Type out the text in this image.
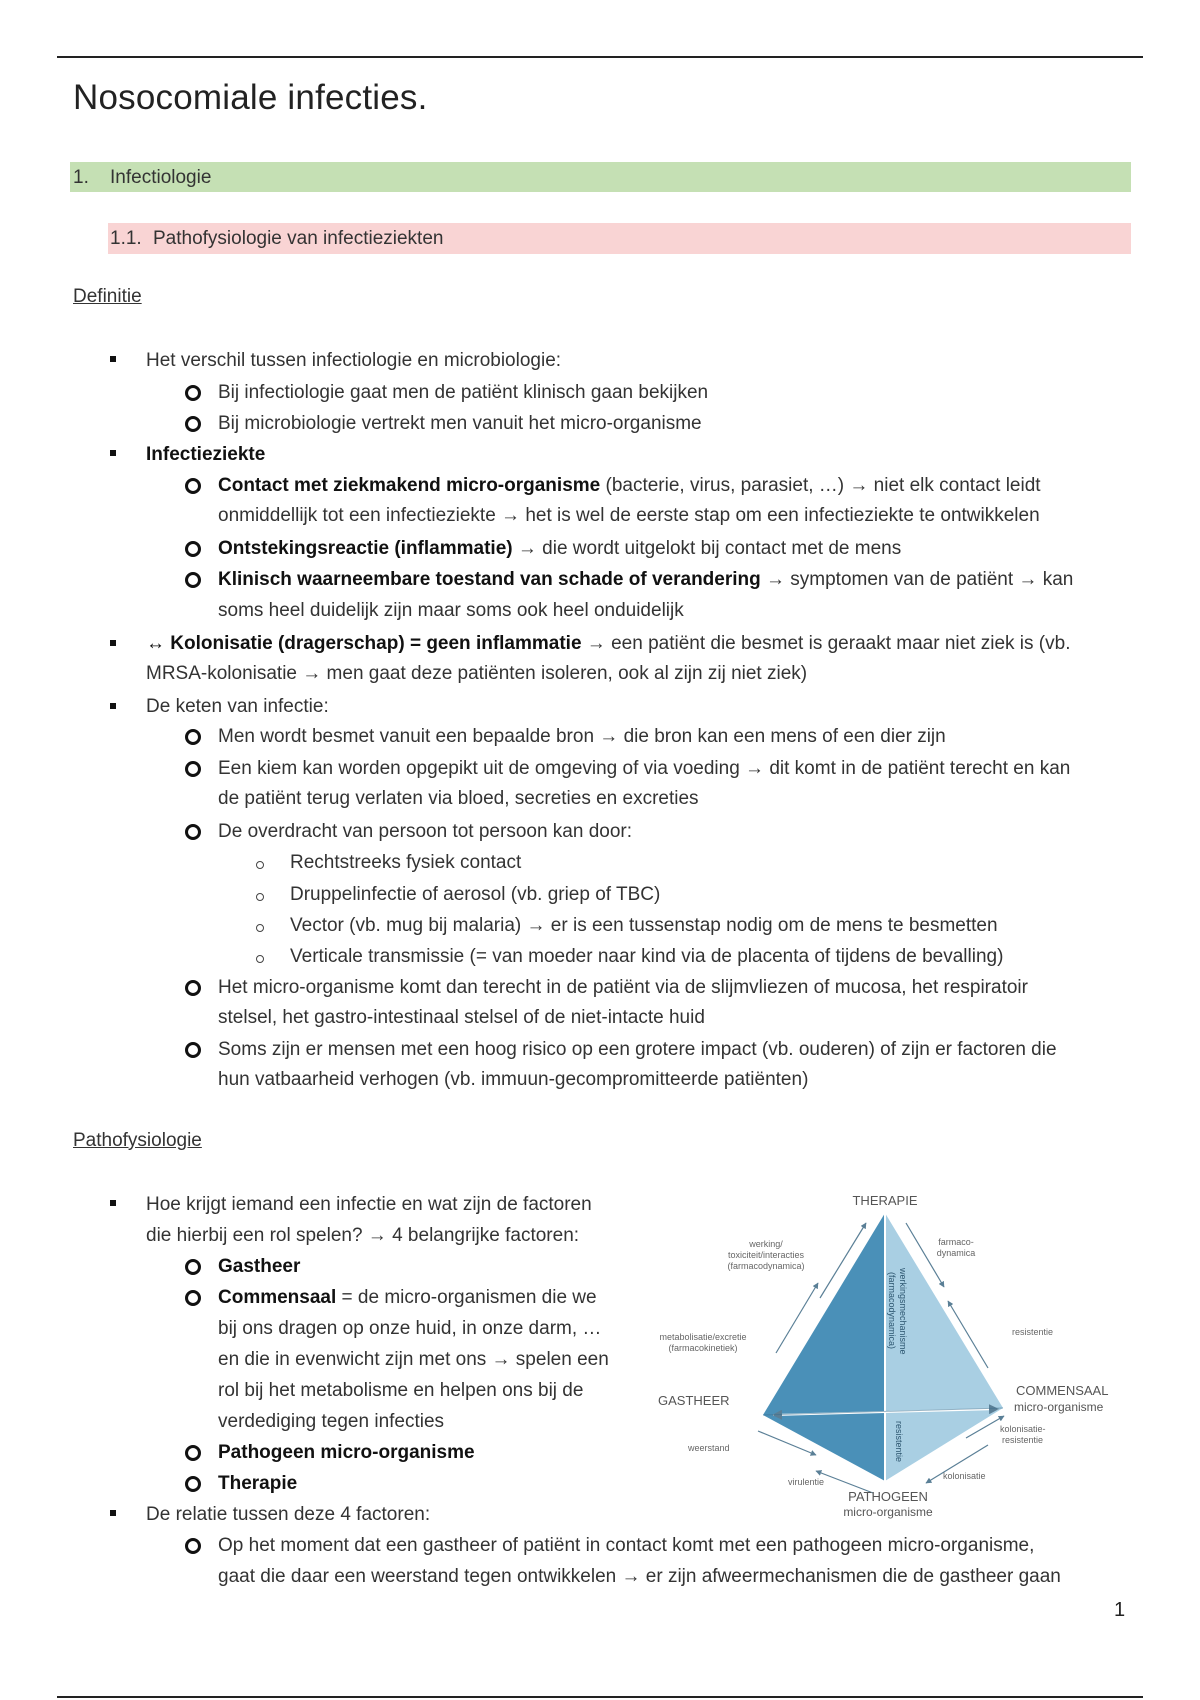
Nosocomiale infecties.
1. Infectiologie
1.1. Pathofysiologie van infectieziekten
Definitie
Het verschil tussen infectiologie en microbiologie:
Bij infectiologie gaat men de patiënt klinisch gaan bekijken
Bij microbiologie vertrekt men vanuit het micro-organisme
Infectieziekte
Contact met ziekmakend micro-organisme (bacterie, virus, parasiet, …) → niet elk contact leidt
onmiddellijk tot een infectieziekte → het is wel de eerste stap om een infectieziekte te ontwikkelen
Ontstekingsreactie (inflammatie) → die wordt uitgelokt bij contact met de mens
Klinisch waarneembare toestand van schade of verandering → symptomen van de patiënt → kan
soms heel duidelijk zijn maar soms ook heel onduidelijk
↔ Kolonisatie (dragerschap) = geen inflammatie → een patiënt die besmet is geraakt maar niet ziek is (vb.
MRSA-kolonisatie → men gaat deze patiënten isoleren, ook al zijn zij niet ziek)
De keten van infectie:
Men wordt besmet vanuit een bepaalde bron → die bron kan een mens of een dier zijn
Een kiem kan worden opgepikt uit de omgeving of via voeding → dit komt in de patiënt terecht en kan
de patiënt terug verlaten via bloed, secreties en excreties
De overdracht van persoon tot persoon kan door:
Rechtstreeks fysiek contact
Druppelinfectie of aerosol (vb. griep of TBC)
Vector (vb. mug bij malaria) → er is een tussenstap nodig om de mens te besmetten
Verticale transmissie (= van moeder naar kind via de placenta of tijdens de bevalling)
Het micro-organisme komt dan terecht in de patiënt via de slijmvliezen of mucosa, het respiratoir
stelsel, het gastro-intestinaal stelsel of de niet-intacte huid
Soms zijn er mensen met een hoog risico op een grotere impact (vb. ouderen) of zijn er factoren die
hun vatbaarheid verhogen (vb. immuun-gecompromitteerde patiënten)
Pathofysiologie
Hoe krijgt iemand een infectie en wat zijn de factoren
die hierbij een rol spelen? → 4 belangrijke factoren:
Gastheer
Commensaal = de micro-organismen die we
bij ons dragen op onze huid, in onze darm, …
en die in evenwicht zijn met ons → spelen een
rol bij het metabolisme en helpen ons bij de
verdediging tegen infecties
Pathogeen micro-organisme
Therapie
De relatie tussen deze 4 factoren:
Op het moment dat een gastheer of patiënt in contact komt met een pathogeen micro-organisme,
gaat die daar een weerstand tegen ontwikkelen → er zijn afweermechanismen die de gastheer gaan
THERAPIE
GASTHEER
COMMENSAAL
micro-organisme
PATHOGEEN
micro-organisme
werking/
toxiciteit/interacties
(farmacodynamica)
farmaco-
dynamica
metabolisatie/excretie
(farmacokinetiek)
resistentie
werkingsmechanisme
(farmacodynamica)
weerstand
virulentie
kolonisatie
kolonisatie-
resistentie
resistentie
1
